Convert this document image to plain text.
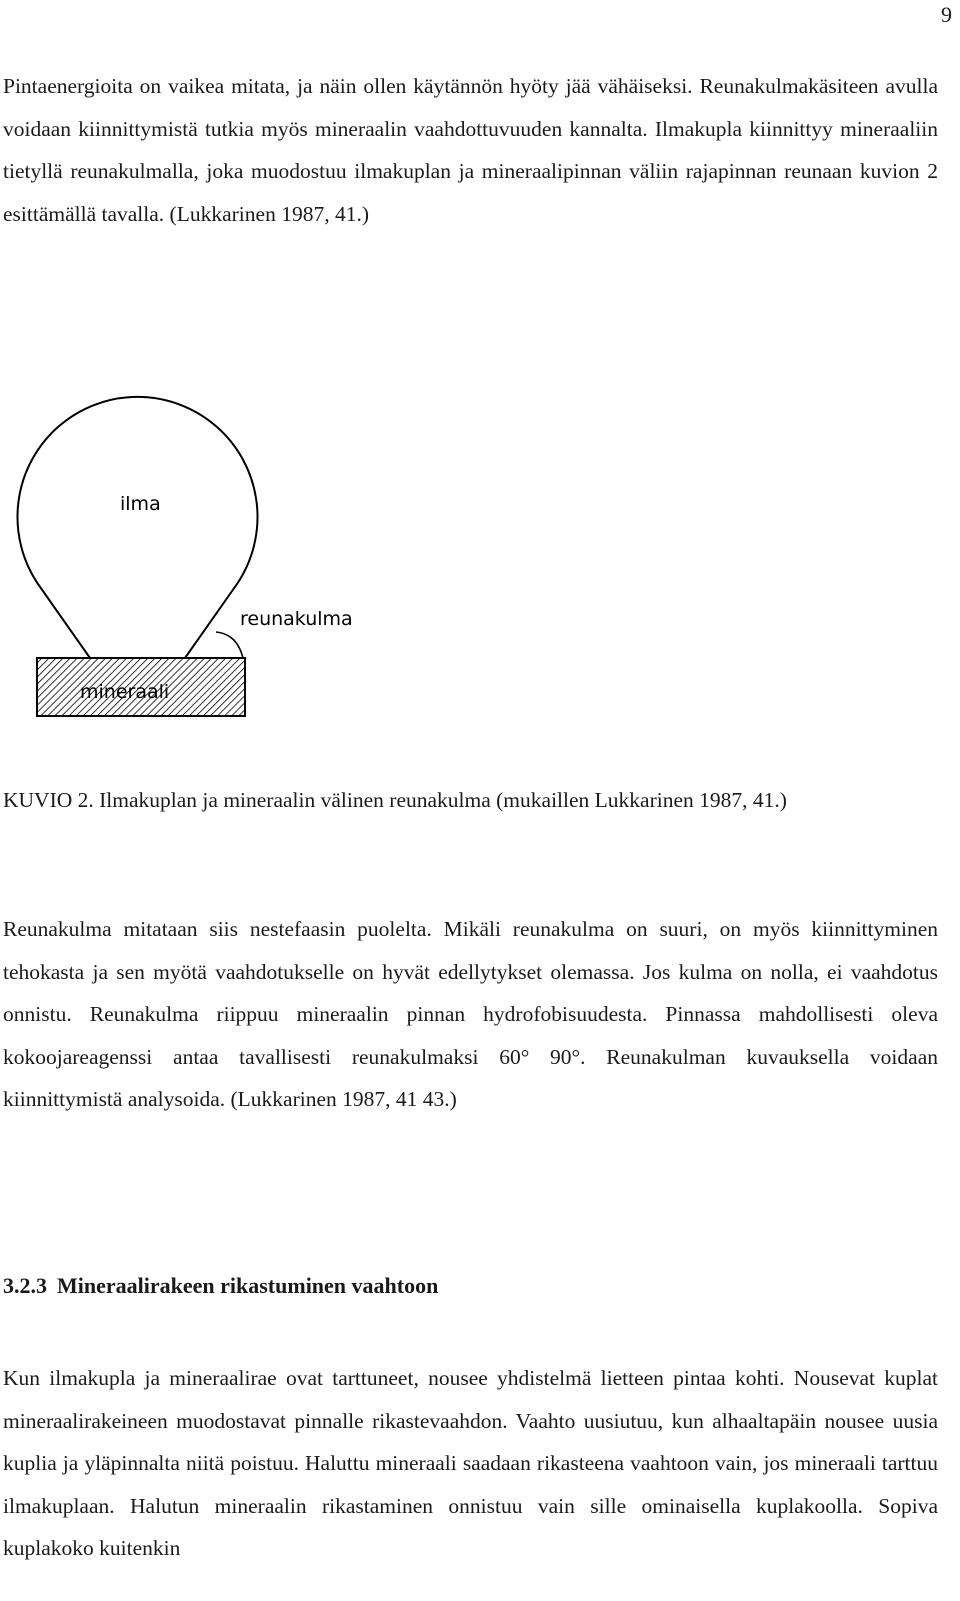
9

Pintaenergioita on vaikea mitata, ja näin ollen käytännön hyöty jää vähäiseksi. Reunakulmakäsiteen avulla voidaan kiinnittymistä tutkia myös mineraalin vaahdottuvuuden kannalta. Ilmakupla kiinnittyy mineraaliin tietyllä reunakulmalla, joka muodostuu ilmakuplan ja mineraalipinnan väliin rajapinnan reunaan kuvion 2 esittämällä tavalla. (Lukkarinen 1987, 41.)

ilma
reunakulma
mineraali

KUVIO 2. Ilmakuplan ja mineraalin välinen reunakulma (mukaillen Lukkarinen 1987, 41.)

Reunakulma mitataan siis nestefaasin puolelta. Mikäli reunakulma on suuri, on myös kiinnittyminen tehokasta ja sen myötä vaahdotukselle on hyvät edellytykset olemassa. Jos kulma on nolla, ei vaahdotus onnistu. Reunakulma riippuu mineraalin pinnan hydrofobisuudesta. Pinnassa mahdollisesti oleva kokoojareagenssi antaa tavallisesti reunakulmaksi 60° 90°. Reunakulman kuvauksella voidaan kiinnittymistä analysoida. (Lukkarinen 1987, 41 43.)

3.2.3 Mineraalirakeen rikastuminen vaahtoon

Kun ilmakupla ja mineraalirae ovat tarttuneet, nousee yhdistelmä lietteen pintaa kohti. Nousevat kuplat mineraalirakeineen muodostavat pinnalle rikastevaahdon. Vaahto uusiutuu, kun alhaaltapäin nousee uusia kuplia ja yläpinnalta niitä poistuu. Haluttu mineraali saadaan rikasteena vaahtoon vain, jos mineraali tarttuu ilmakuplaan. Halutun mineraalin rikastaminen onnistuu vain sille ominaisella kuplakoolla. Sopiva kuplakoko kuitenkin
